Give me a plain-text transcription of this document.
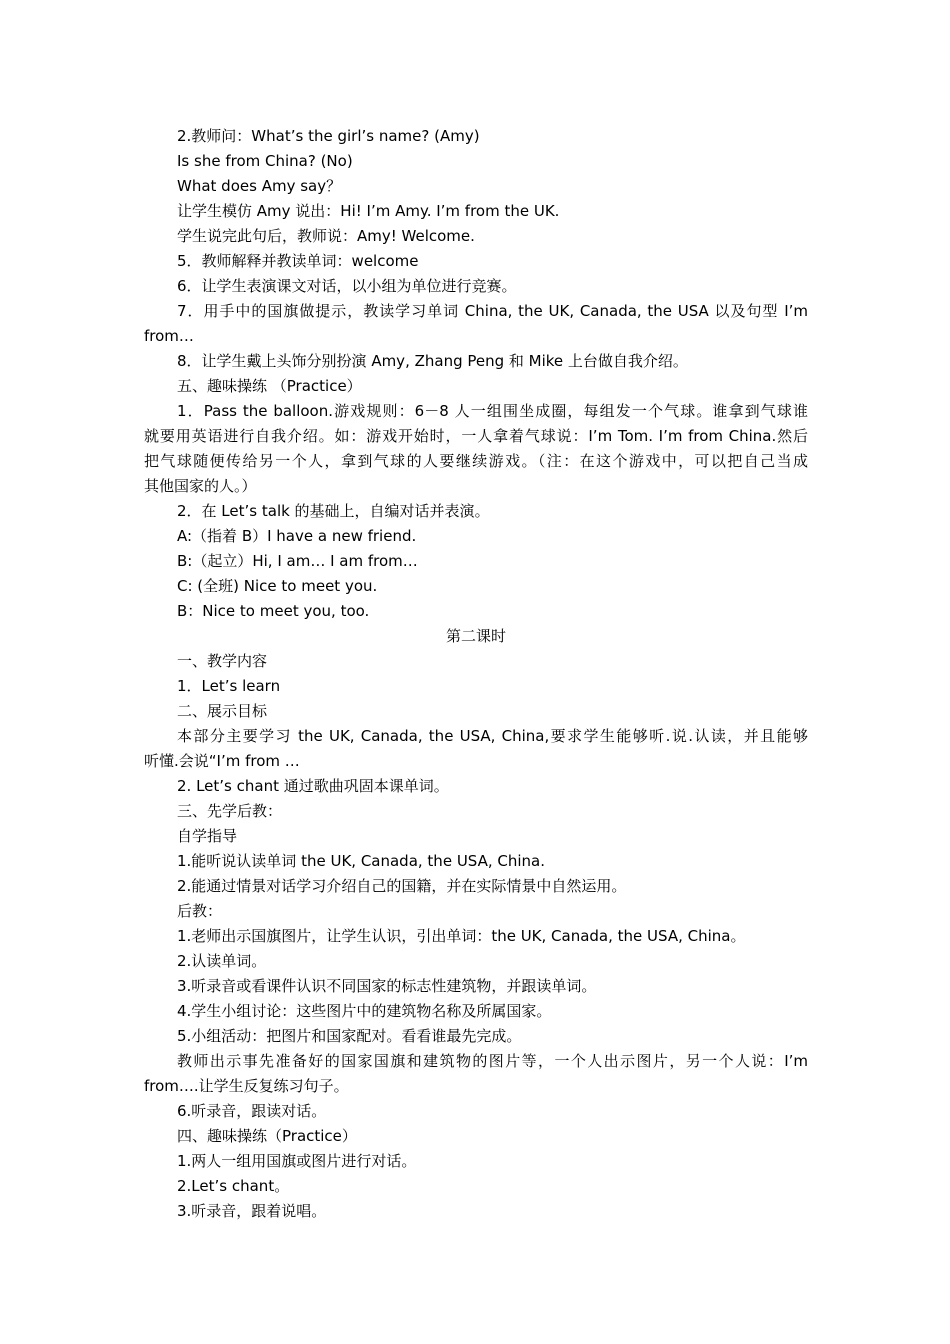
2.教师问：What’s the girl’s name? (Amy)
Is she from China? (No)
What does Amy say？
让学生模仿 Amy 说出：Hi! I’m Amy. I’m from the UK.
学生说完此句后，教师说：Amy! Welcome.
5．教师解释并教读单词：welcome
6．让学生表演课文对话，以小组为单位进行竞赛。
7．用手中的国旗做提示，教读学习单词 China, the UK, Canada, the USA 以及句型 I’m
from…
8．让学生戴上头饰分别扮演 Amy, Zhang Peng 和 Mike 上台做自我介绍。
五、趣味操练 （Practice）
1．Pass the balloon.游戏规则：6－8 人一组围坐成圈，每组发一个气球。谁拿到气球谁
就要用英语进行自我介绍。如：游戏开始时，一人拿着气球说：I’m Tom. I’m from China.然后
把气球随便传给另一个人，拿到气球的人要继续游戏。（注：在这个游戏中，可以把自己当成
其他国家的人。）
2．在 Let’s talk 的基础上，自编对话并表演。
A:（指着 B）I have a new friend.
B:（起立）Hi, I am… I am from…
C: (全班) Nice to meet you.
B：Nice to meet you, too.
第二课时
一、教学内容
1．Let’s learn
二、展示目标
本部分主要学习 the UK, Canada, the USA, China,要求学生能够听.说.认读，并且能够
听懂.会说“I’m from …
2. Let’s chant 通过歌曲巩固本课单词。
三、先学后教：
自学指导
1.能听说认读单词 the UK, Canada, the USA, China.
2.能通过情景对话学习介绍自己的国籍，并在实际情景中自然运用。
后教：
1.老师出示国旗图片，让学生认识，引出单词：the UK, Canada, the USA, China。
2.认读单词。
3.听录音或看课件认识不同国家的标志性建筑物，并跟读单词。
4.学生小组讨论：这些图片中的建筑物名称及所属国家。
5.小组活动：把图片和国家配对。看看谁最先完成。
教师出示事先准备好的国家国旗和建筑物的图片等，一个人出示图片，另一个人说：I’m
from….让学生反复练习句子。
6.听录音，跟读对话。
四、趣味操练（Practice）
1.两人一组用国旗或图片进行对话。
2.Let’s chant。
3.听录音，跟着说唱。
